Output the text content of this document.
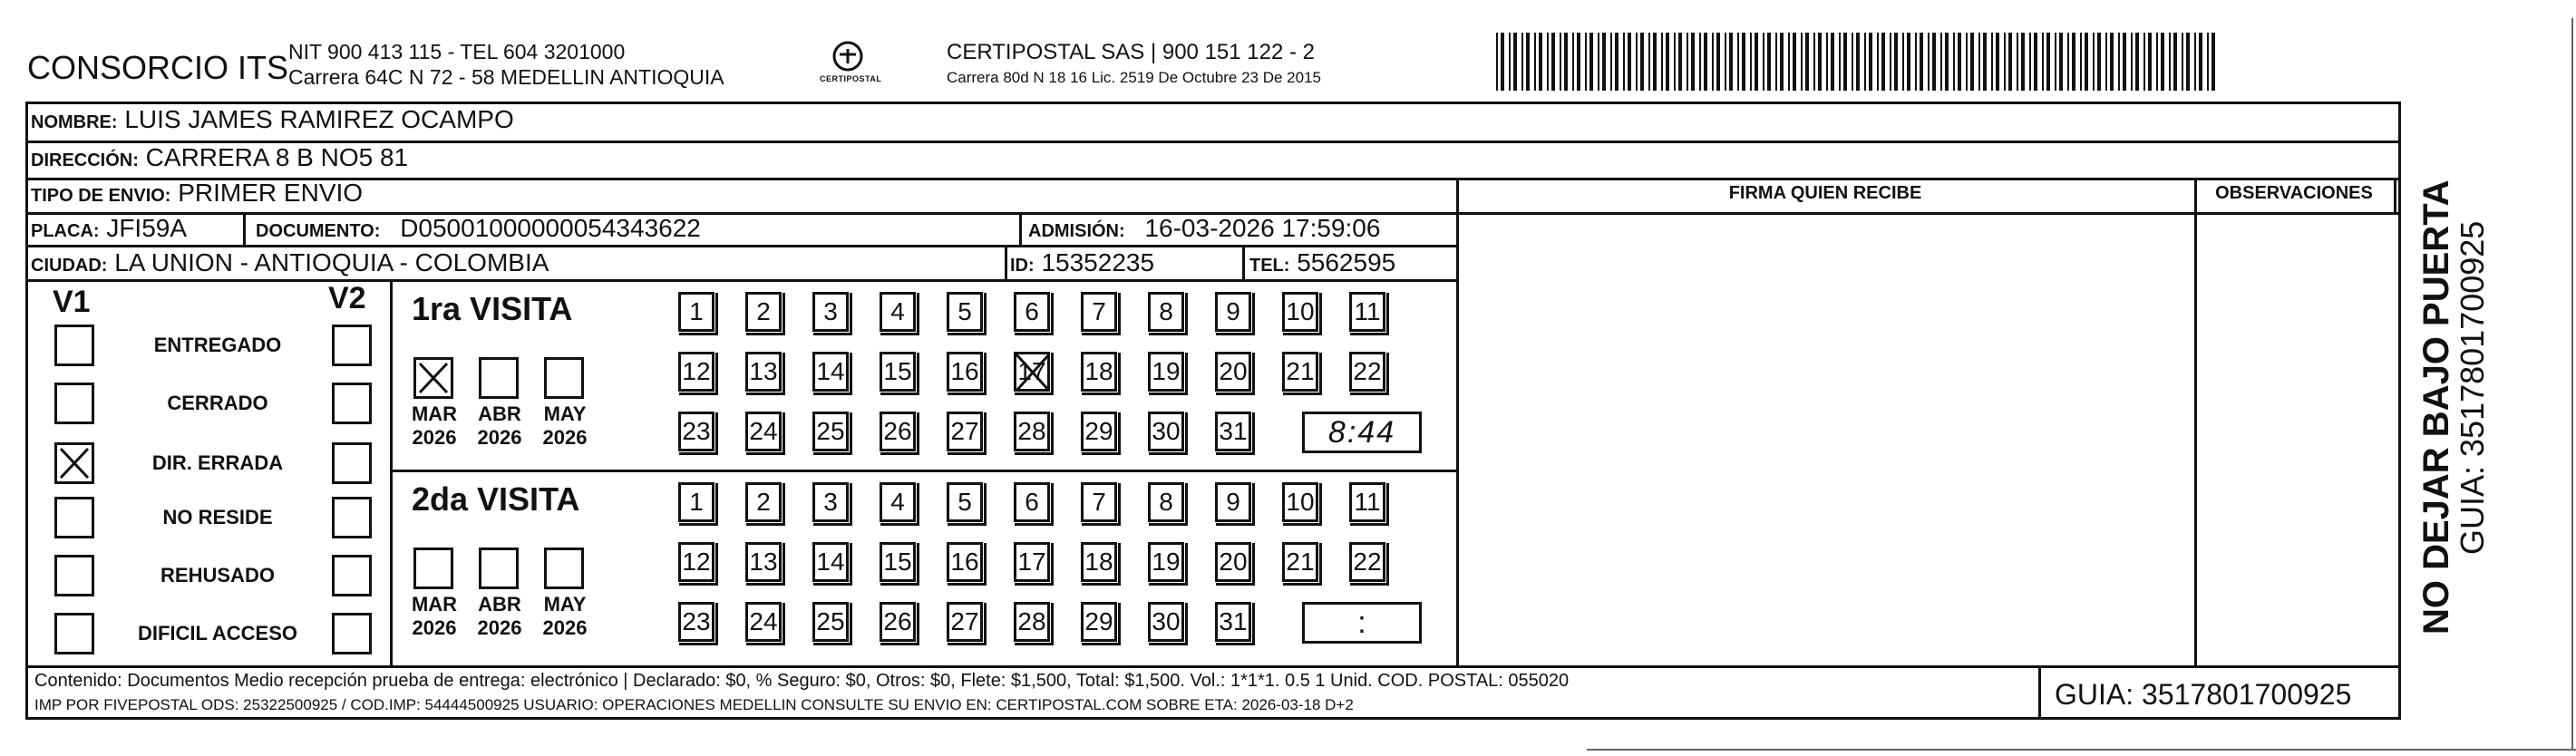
CONSORCIO ITS NIT 900 413 115 - TEL 604 3201000
Carrera 64C N 72 - 58 MEDELLIN ANTIOQUIA	CERTIPOSTAL
CERTIPOSTAL SAS | 900 151 122 - 2
Carrera 80d N 18 16 Lic. 2519 De Octubre 23 De 2015
NOMBRE: LUIS JAMES RAMIREZ OCAMPO
DIRECCIÓN: CARRERA 8 B NO5 81
TIPO DE ENVIO: PRIMER ENVIO
PLACA: JFI59A	DOCUMENTO: D05001000000054343622	ADMISIÓN: 16-03-2026 17:59:06
CIUDAD: LA UNION - ANTIOQUIA - COLOMBIA	ID: 15352235	TEL: 5562595
FIRMA QUIEN RECIBE	OBSERVACIONES
V1	V2
ENTREGADO
CERRADO
DIR. ERRADA
NO RESIDE
REHUSADO
DIFICIL ACCESO
1ra VISITA
MAR
2026
ABR
2026
MAY
2026
1	2	3	4	5	6	7	8	9	10 11
12 13 14 15 16 17 18 19 20 21 22
23 24 25 26 27 28 29 30 31	8:44
2da VISITA
MAR
2026
ABR
2026
MAY
2026
1	2	3	4	5	6	7	8	9	10 11
12 13 14 15 16 17 18 19 20 21 22
23 24 25 26 27 28 29 30 31	:
Contenido: Documentos Medio recepción prueba de entrega: electrónico | Declarado: $0, % Seguro: $0, Otros: $0, Flete: $1,500, Total: $1,500. Vol.: 1*1*1. 0.5 1 Unid. COD. POSTAL: 055020
IMP POR FIVEPOSTAL ODS: 25322500925 / COD.IMP: 54444500925 USUARIO: OPERACIONES MEDELLIN CONSULTE SU ENVIO EN: CERTIPOSTAL.COM SOBRE ETA: 2026-03-18 D+2	GUIA: 3517801700925
NO DEJAR BAJO PUERTA
GUIA: 3517801700925
